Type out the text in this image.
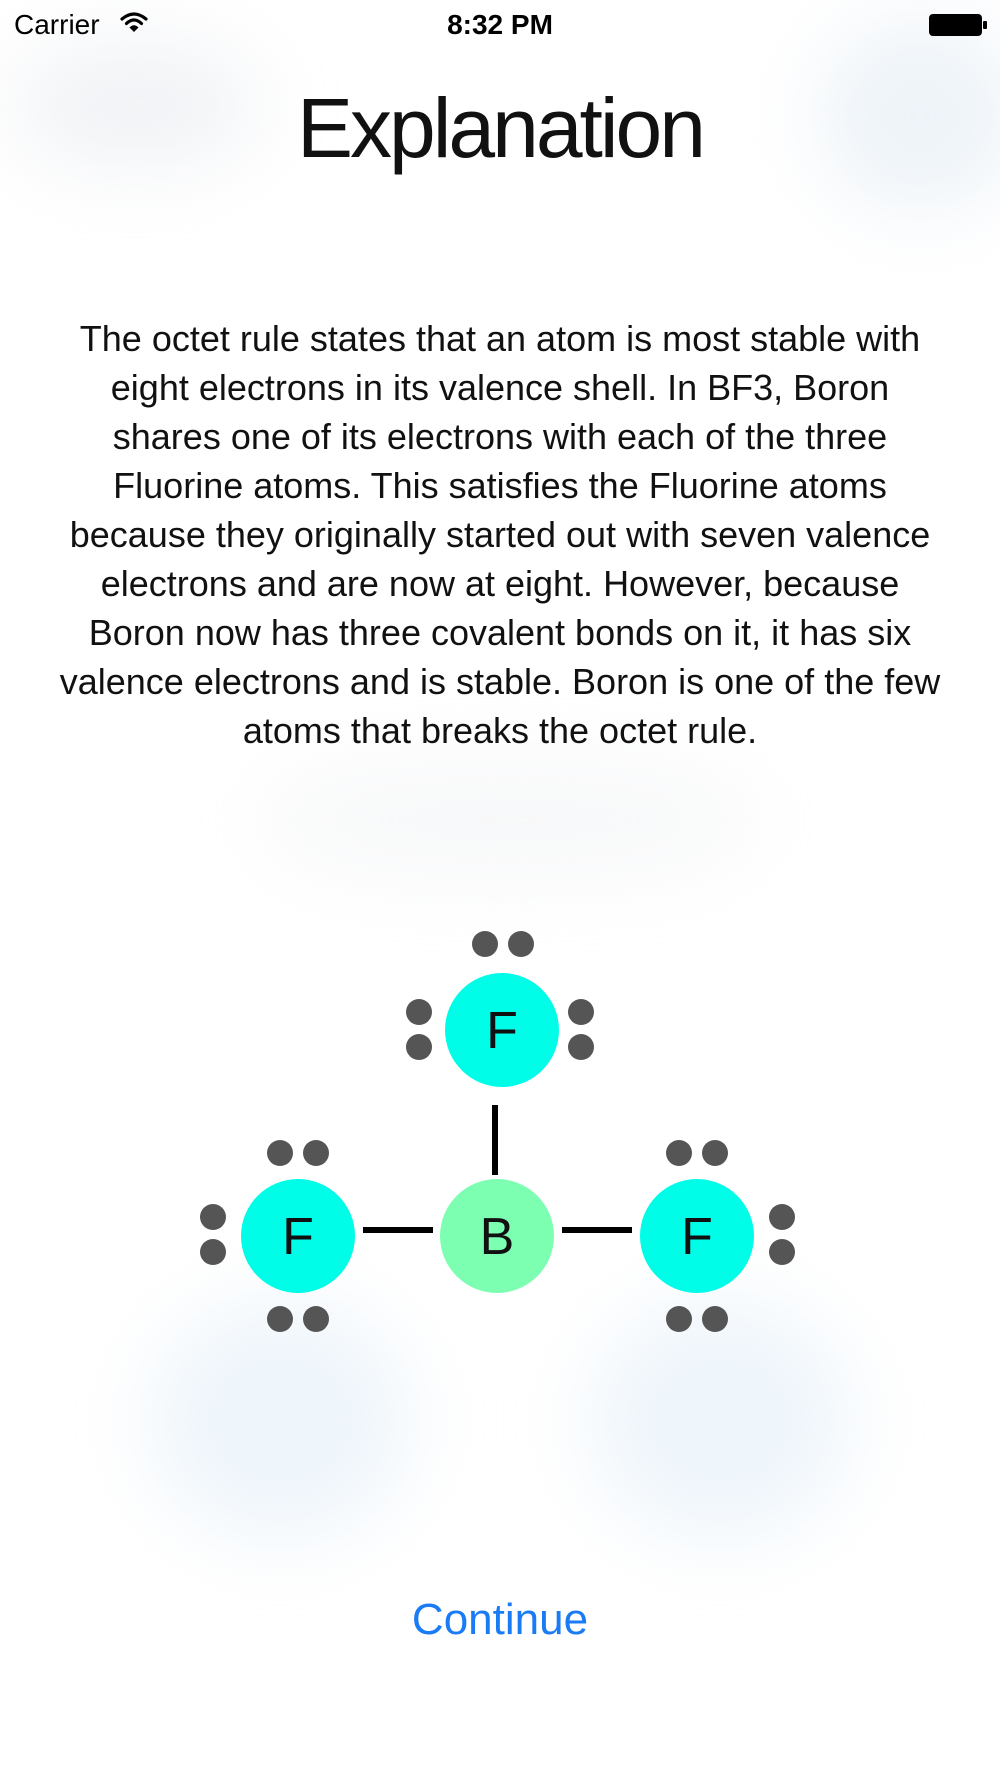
Carrier	8:32 PM
Explanation
The octet rule states that an atom is most stable with eight electrons in its valence shell. In BF3, Boron shares one of its electrons with each of the three Fluorine atoms. This satisfies the Fluorine atoms because they originally started out with seven valence electrons and are now at eight. However, because Boron now has three covalent bonds on it, it has six valence electrons and is stable. Boron is one of the few atoms that breaks the octet rule.
F
F	B	F
Continue
